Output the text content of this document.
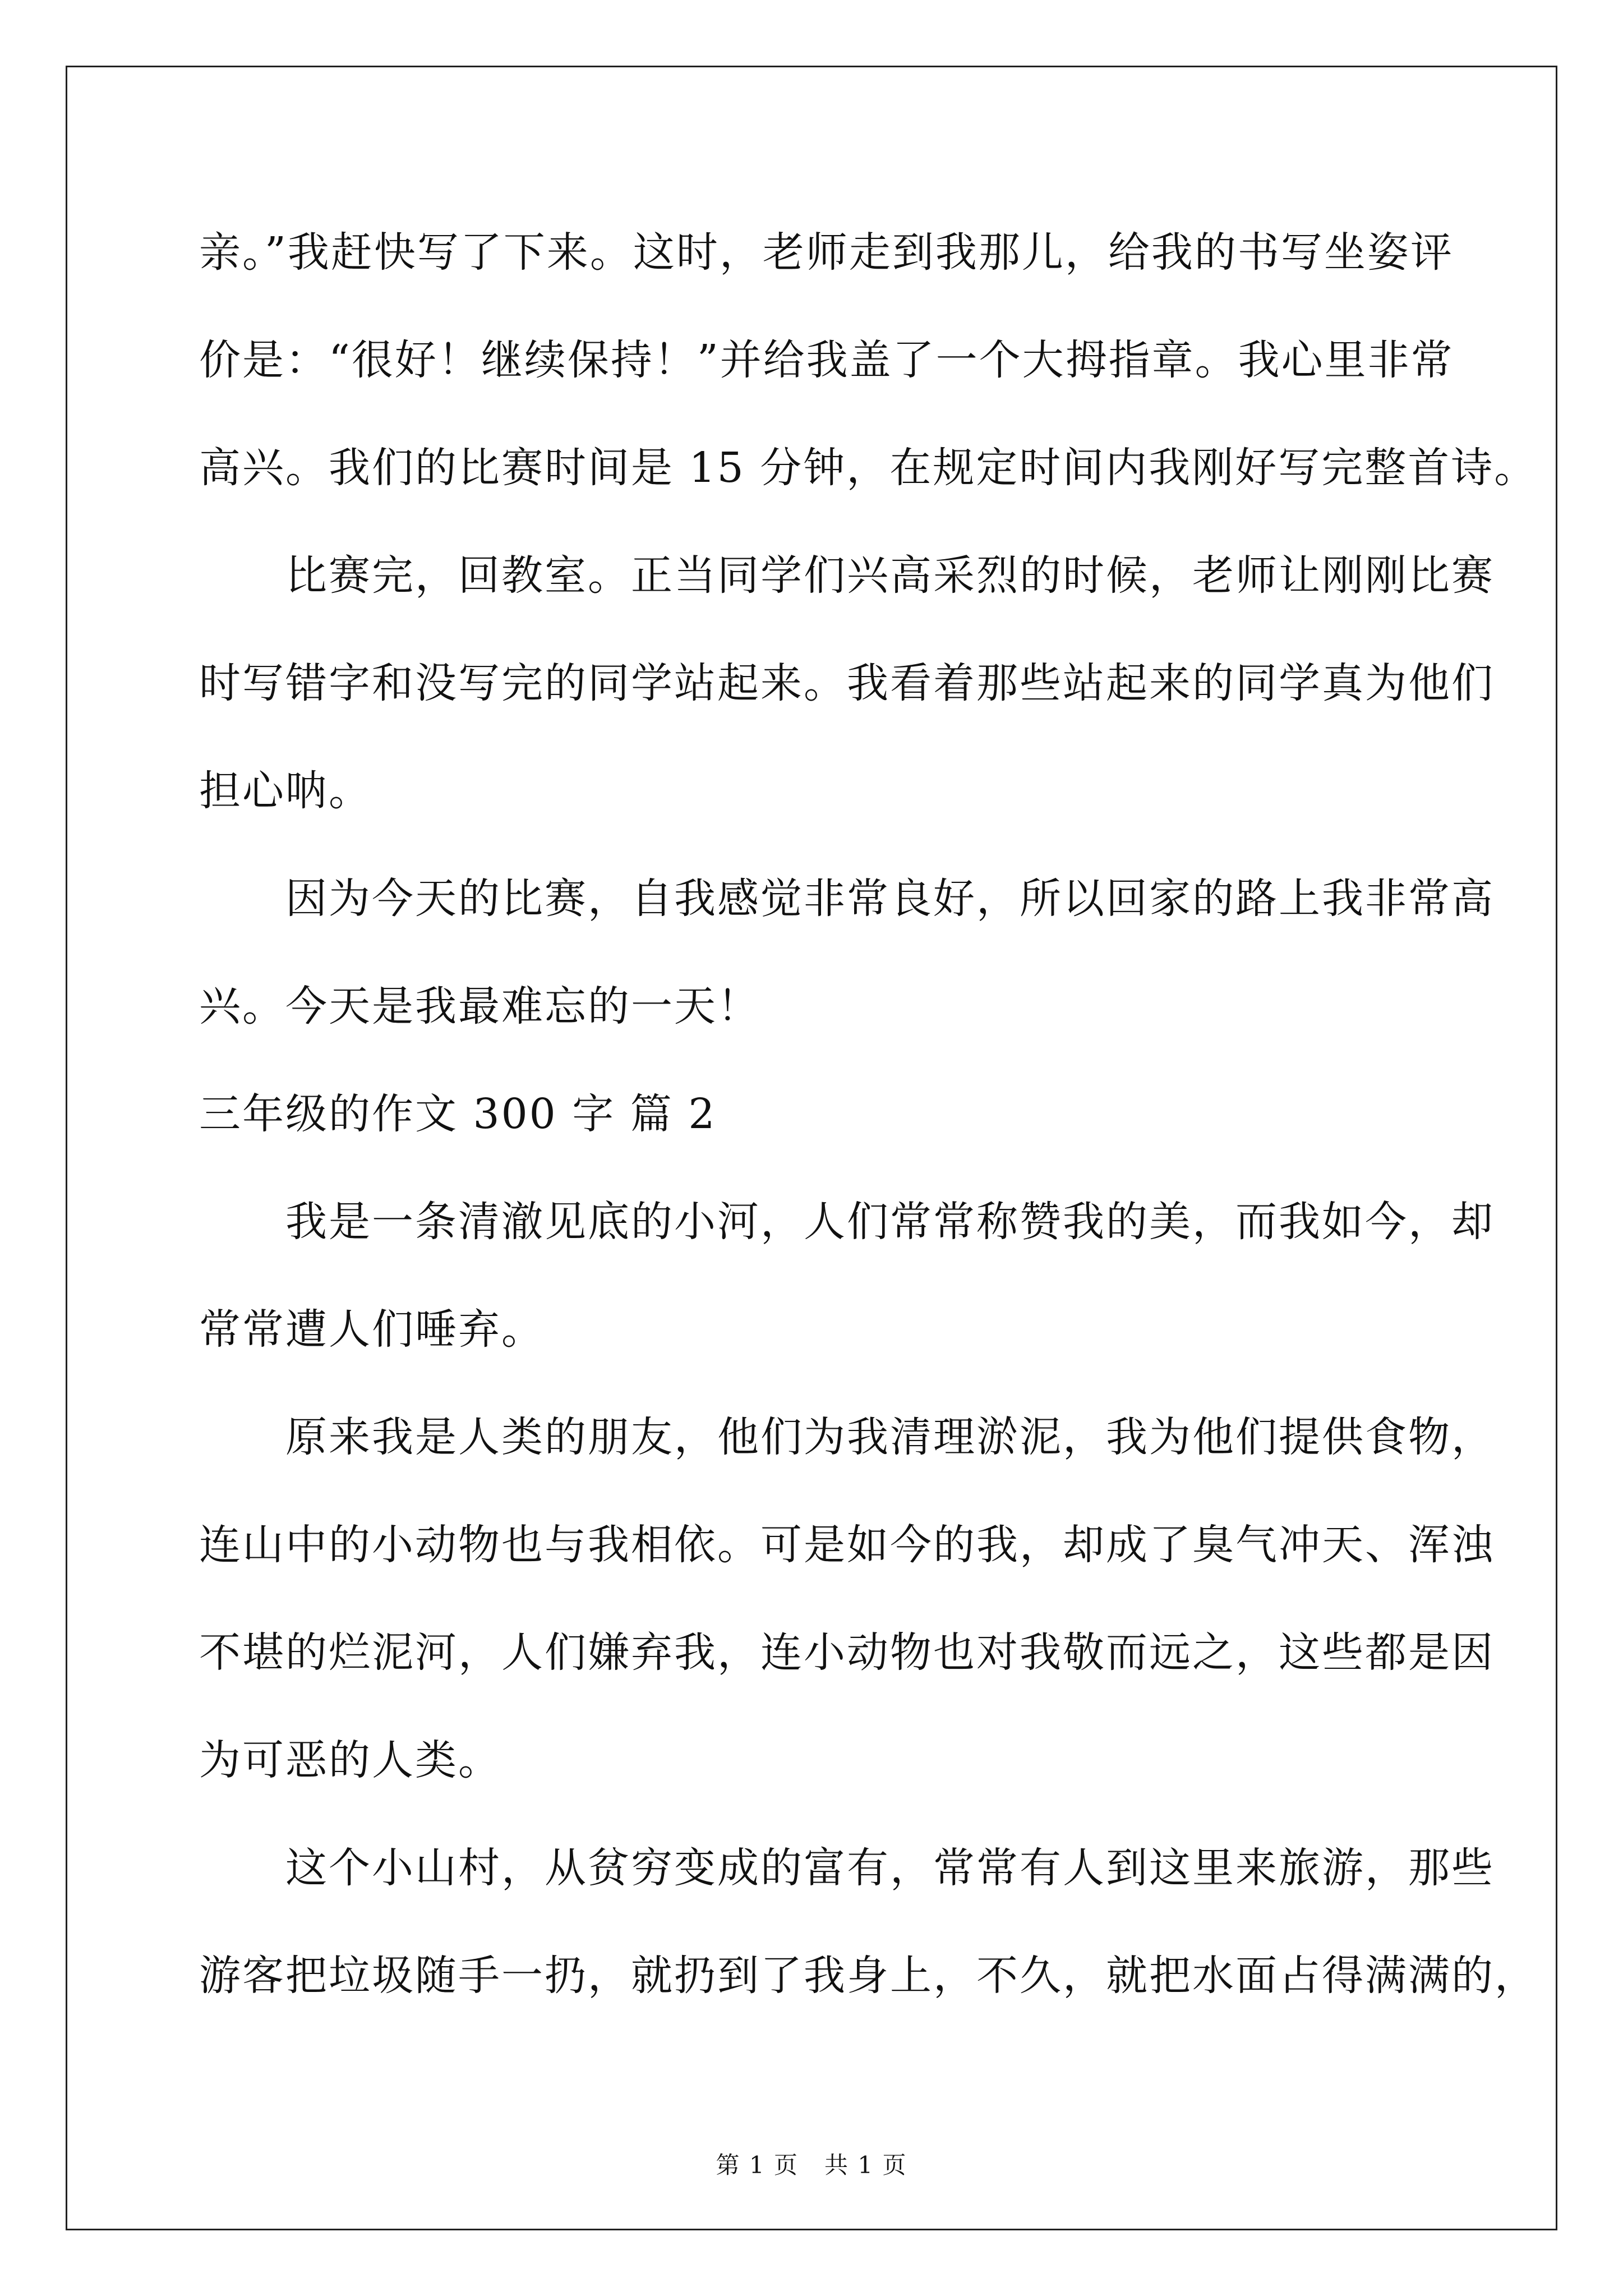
亲。”我赶快写了下来。这时，老师走到我那儿，给我的书写坐姿评

价是：“很好！继续保持！”并给我盖了一个大拇指章。我心里非常

高兴。我们的比赛时间是 15 分钟，在规定时间内我刚好写完整首诗。

　　比赛完，回教室。正当同学们兴高采烈的时候，老师让刚刚比赛

时写错字和没写完的同学站起来。我看着那些站起来的同学真为他们

担心呐。

　　因为今天的比赛，自我感觉非常良好，所以回家的路上我非常高

兴。今天是我最难忘的一天！

三年级的作文 300 字 篇 2

　　我是一条清澈见底的小河，人们常常称赞我的美，而我如今，却

常常遭人们唾弃。

　　原来我是人类的朋友，他们为我清理淤泥，我为他们提供食物，

连山中的小动物也与我相依。可是如今的我，却成了臭气冲天、浑浊

不堪的烂泥河，人们嫌弃我，连小动物也对我敬而远之，这些都是因

为可恶的人类。

　　这个小山村，从贫穷变成的富有，常常有人到这里来旅游，那些

游客把垃圾随手一扔，就扔到了我身上，不久，就把水面占得满满的，

第 1 页   共 1 页
